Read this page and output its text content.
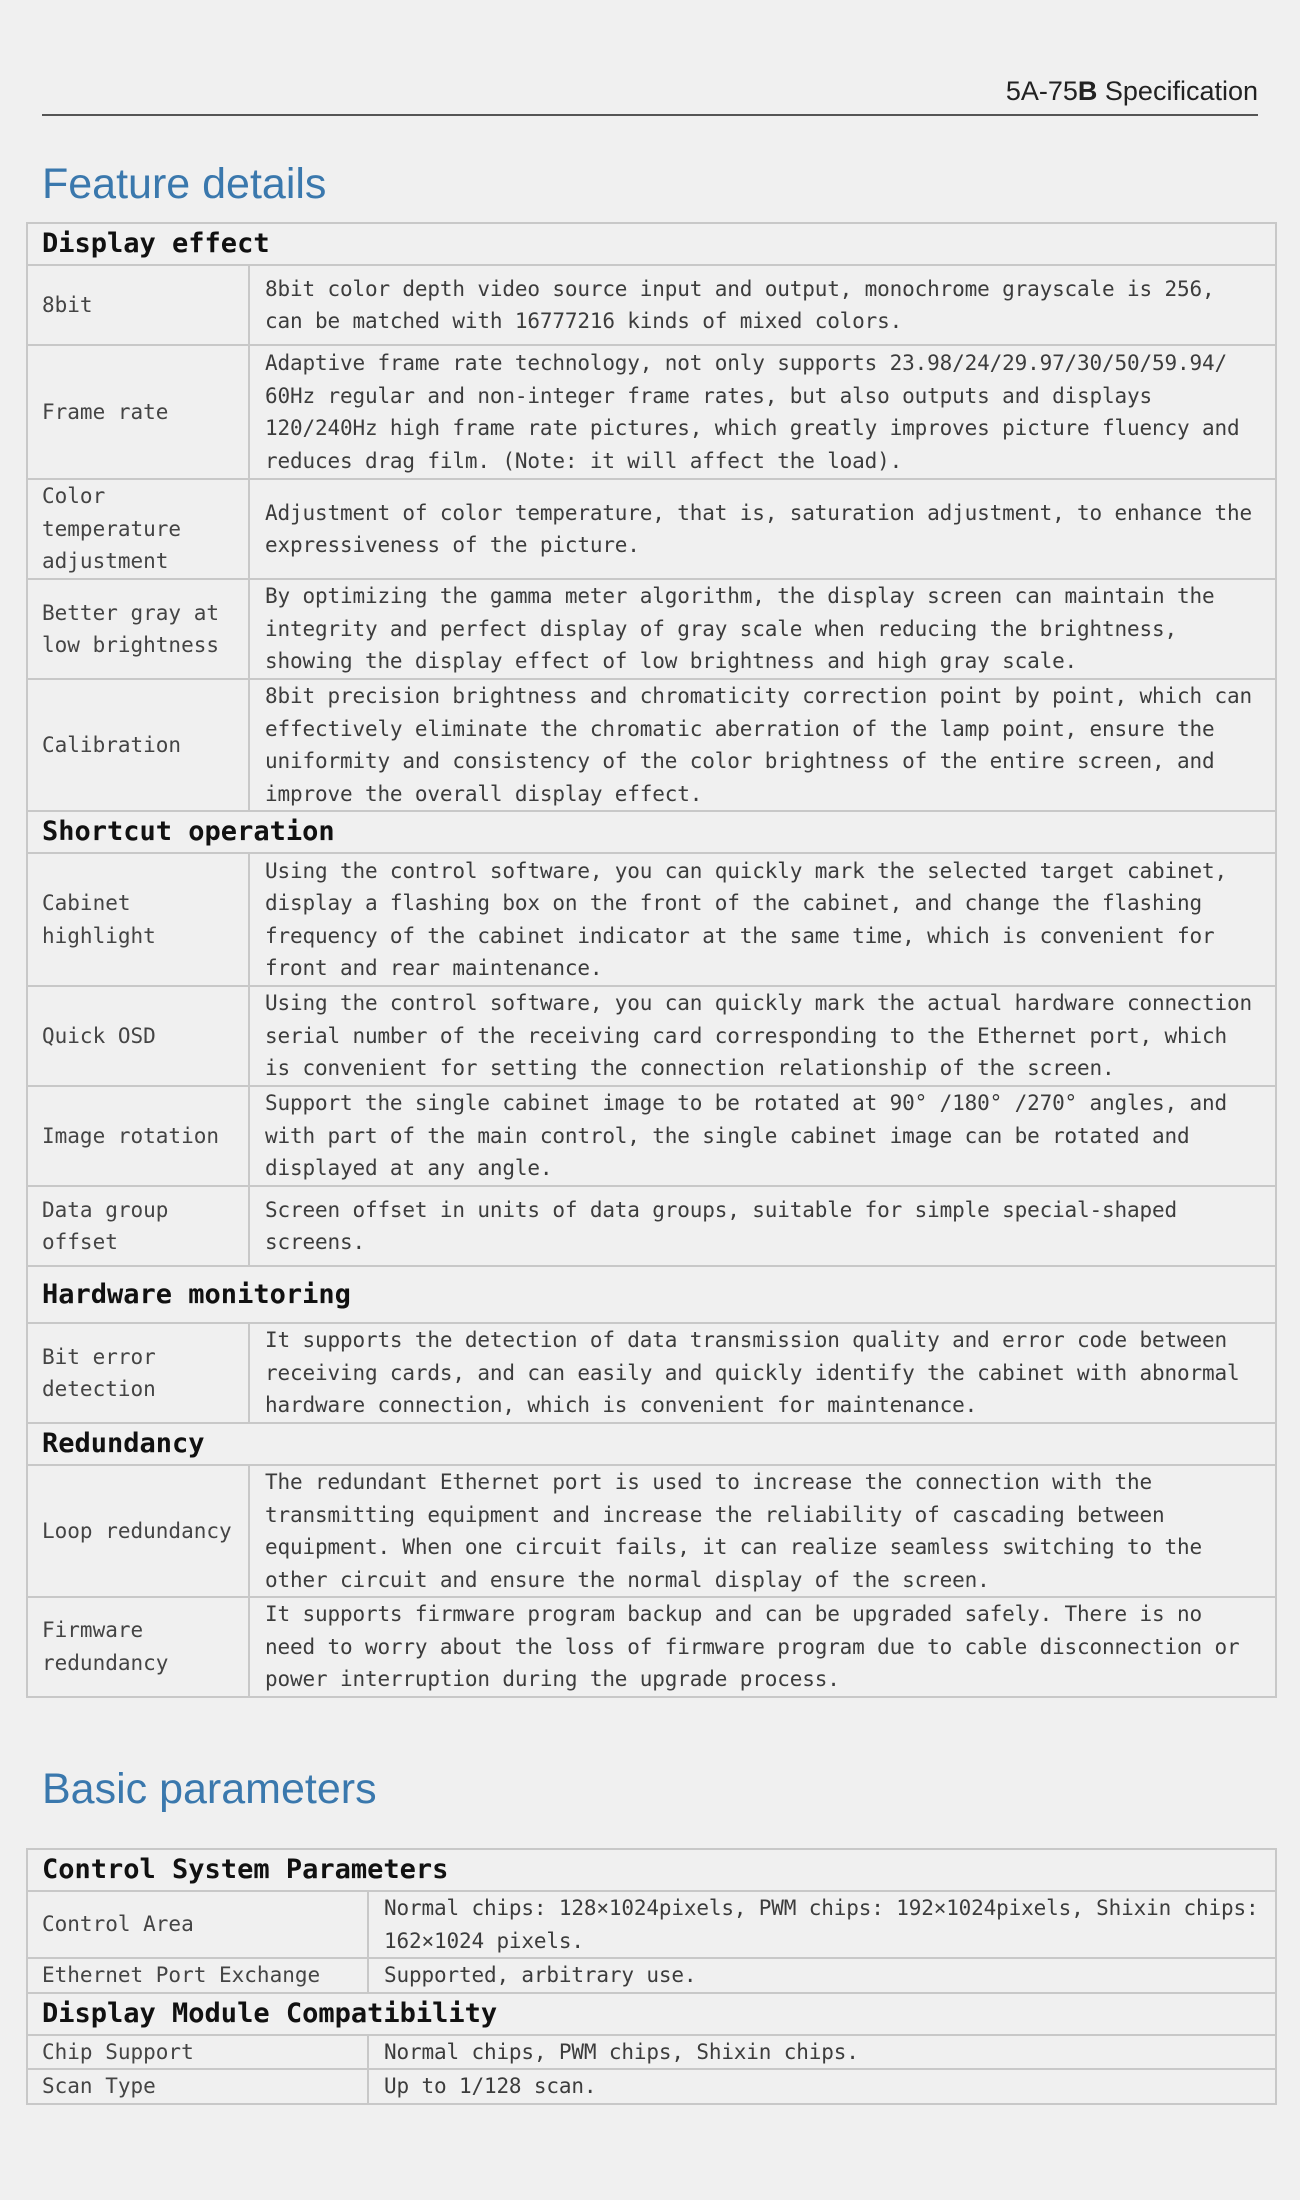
5A-75B Specification
Feature details
Display effect	
8bit	8bit color depth video source input and output, monochrome grayscale is 256, can be matched with 16777216 kinds of mixed colors.
Frame rate	Adaptive frame rate technology, not only supports 23.98/24/29.97/30/50/59.94/ 60Hz regular and non-integer frame rates, but also outputs and displays 120/240Hz high frame rate pictures, which greatly improves picture fluency and reduces drag film. (Note: it will affect the load).
Color temperature adjustment	Adjustment of color temperature, that is, saturation adjustment, to enhance the expressiveness of the picture.
Better gray at low brightness	By optimizing the gamma meter algorithm, the display screen can maintain the integrity and perfect display of gray scale when reducing the brightness, showing the display effect of low brightness and high gray scale.
Calibration	8bit precision brightness and chromaticity correction point by point, which can effectively eliminate the chromatic aberration of the lamp point, ensure the uniformity and consistency of the color brightness of the entire screen, and improve the overall display effect.
Shortcut operation	
Cabinet highlight	Using the control software, you can quickly mark the selected target cabinet, display a flashing box on the front of the cabinet, and change the flashing frequency of the cabinet indicator at the same time, which is convenient for front and rear maintenance.
Quick OSD	Using the control software, you can quickly mark the actual hardware connection serial number of the receiving card corresponding to the Ethernet port, which is convenient for setting the connection relationship of the screen.
Image rotation	Support the single cabinet image to be rotated at 90° /180° /270° angles, and with part of the main control, the single cabinet image can be rotated and displayed at any angle.
Data group offset	Screen offset in units of data groups, suitable for simple special-shaped screens.
Hardware monitoring	
Bit error detection	It supports the detection of data transmission quality and error code between receiving cards, and can easily and quickly identify the cabinet with abnormal hardware connection, which is convenient for maintenance.
Redundancy	
Loop redundancy	The redundant Ethernet port is used to increase the connection with the transmitting equipment and increase the reliability of cascading between equipment. When one circuit fails, it can realize seamless switching to the other circuit and ensure the normal display of the screen.
Firmware redundancy	It supports firmware program backup and can be upgraded safely. There is no need to worry about the loss of firmware program due to cable disconnection or power interruption during the upgrade process.
Basic parameters
Control System Parameters	
Control Area	Normal chips: 128×1024pixels, PWM chips: 192×1024pixels, Shixin chips: 162×1024 pixels.
Ethernet Port Exchange	Supported, arbitrary use.
Display Module Compatibility	
Chip Support	Normal chips, PWM chips, Shixin chips.
Scan Type	Up to 1/128 scan.
